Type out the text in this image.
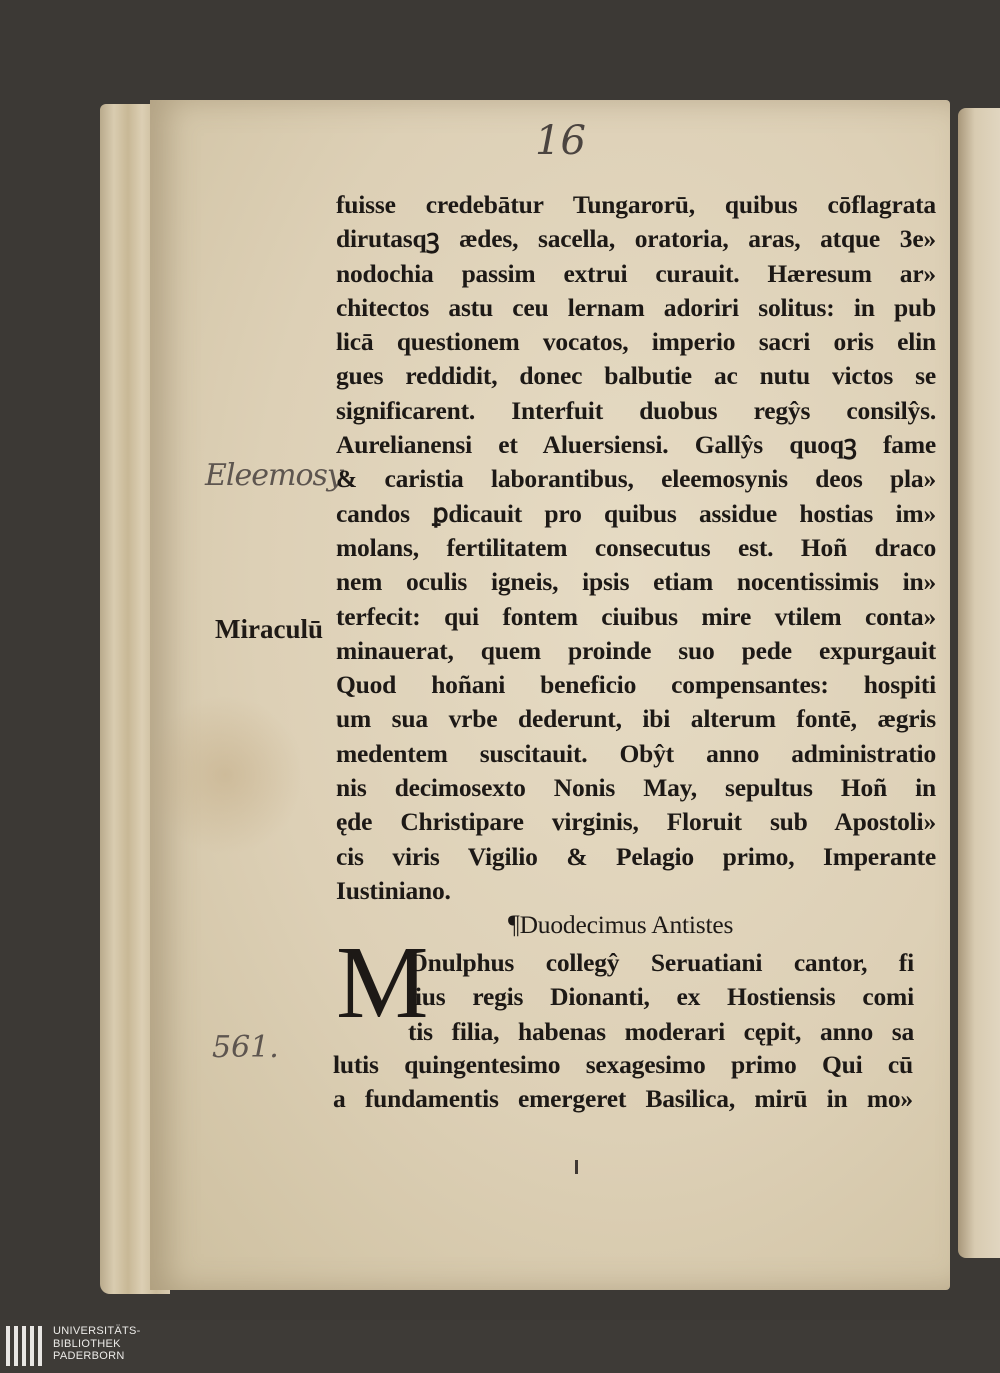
16
Eleemosy
561.
Miraculū
fuisse credebātur Tungarorū, quibus cōflagrata
dirutasqꝫ ædes, sacella, oratoria, aras, atque 3e»
nodochia passim extrui curauit. Hæresum ar»
chitectos astu ceu lernam adoriri solitus: in pub
licā questionem vocatos, imperio sacri oris elin
gues reddidit, donec balbutie ac nutu victos se
significarent. Interfuit duobus regŷs consilŷs.
Aurelianensi et Aluersiensi. Gallŷs quoqꝫ fame
& caristia laborantibus, eleemosynis deos pla»
candos ꝑdicauit pro quibus assidue hostias im»
molans, fertilitatem consecutus est. Hoñ draco
nem oculis igneis, ipsis etiam nocentissimis in»
terfecit: qui fontem ciuibus mire vtilem conta»
minauerat, quem proinde suo pede expurgauit
Quod hoñani beneficio compensantes: hospiti
um sua vrbe dederunt, ibi alterum fontē, ægris
medentem suscitauit. Obŷt anno administratio
nis decimosexto Nonis May, sepultus Hoñ in
ęde Christipare virginis, Floruit sub Apostoli»
cis viris Vigilio & Pelagio primo, Imperante
Iustiniano.
¶Duodecimus Antistes
M
Onulphus collegŷ Seruatiani cantor, fi
lius regis Dionanti, ex Hostiensis comi
tis filia, habenas moderari cępit, anno sa
lutis quingentesimo sexagesimo primo Qui cū
a fundamentis emergeret Basilica, mirū in mo»
UNIVERSITÄTS-
BIBLIOTHEK
PADERBORN
